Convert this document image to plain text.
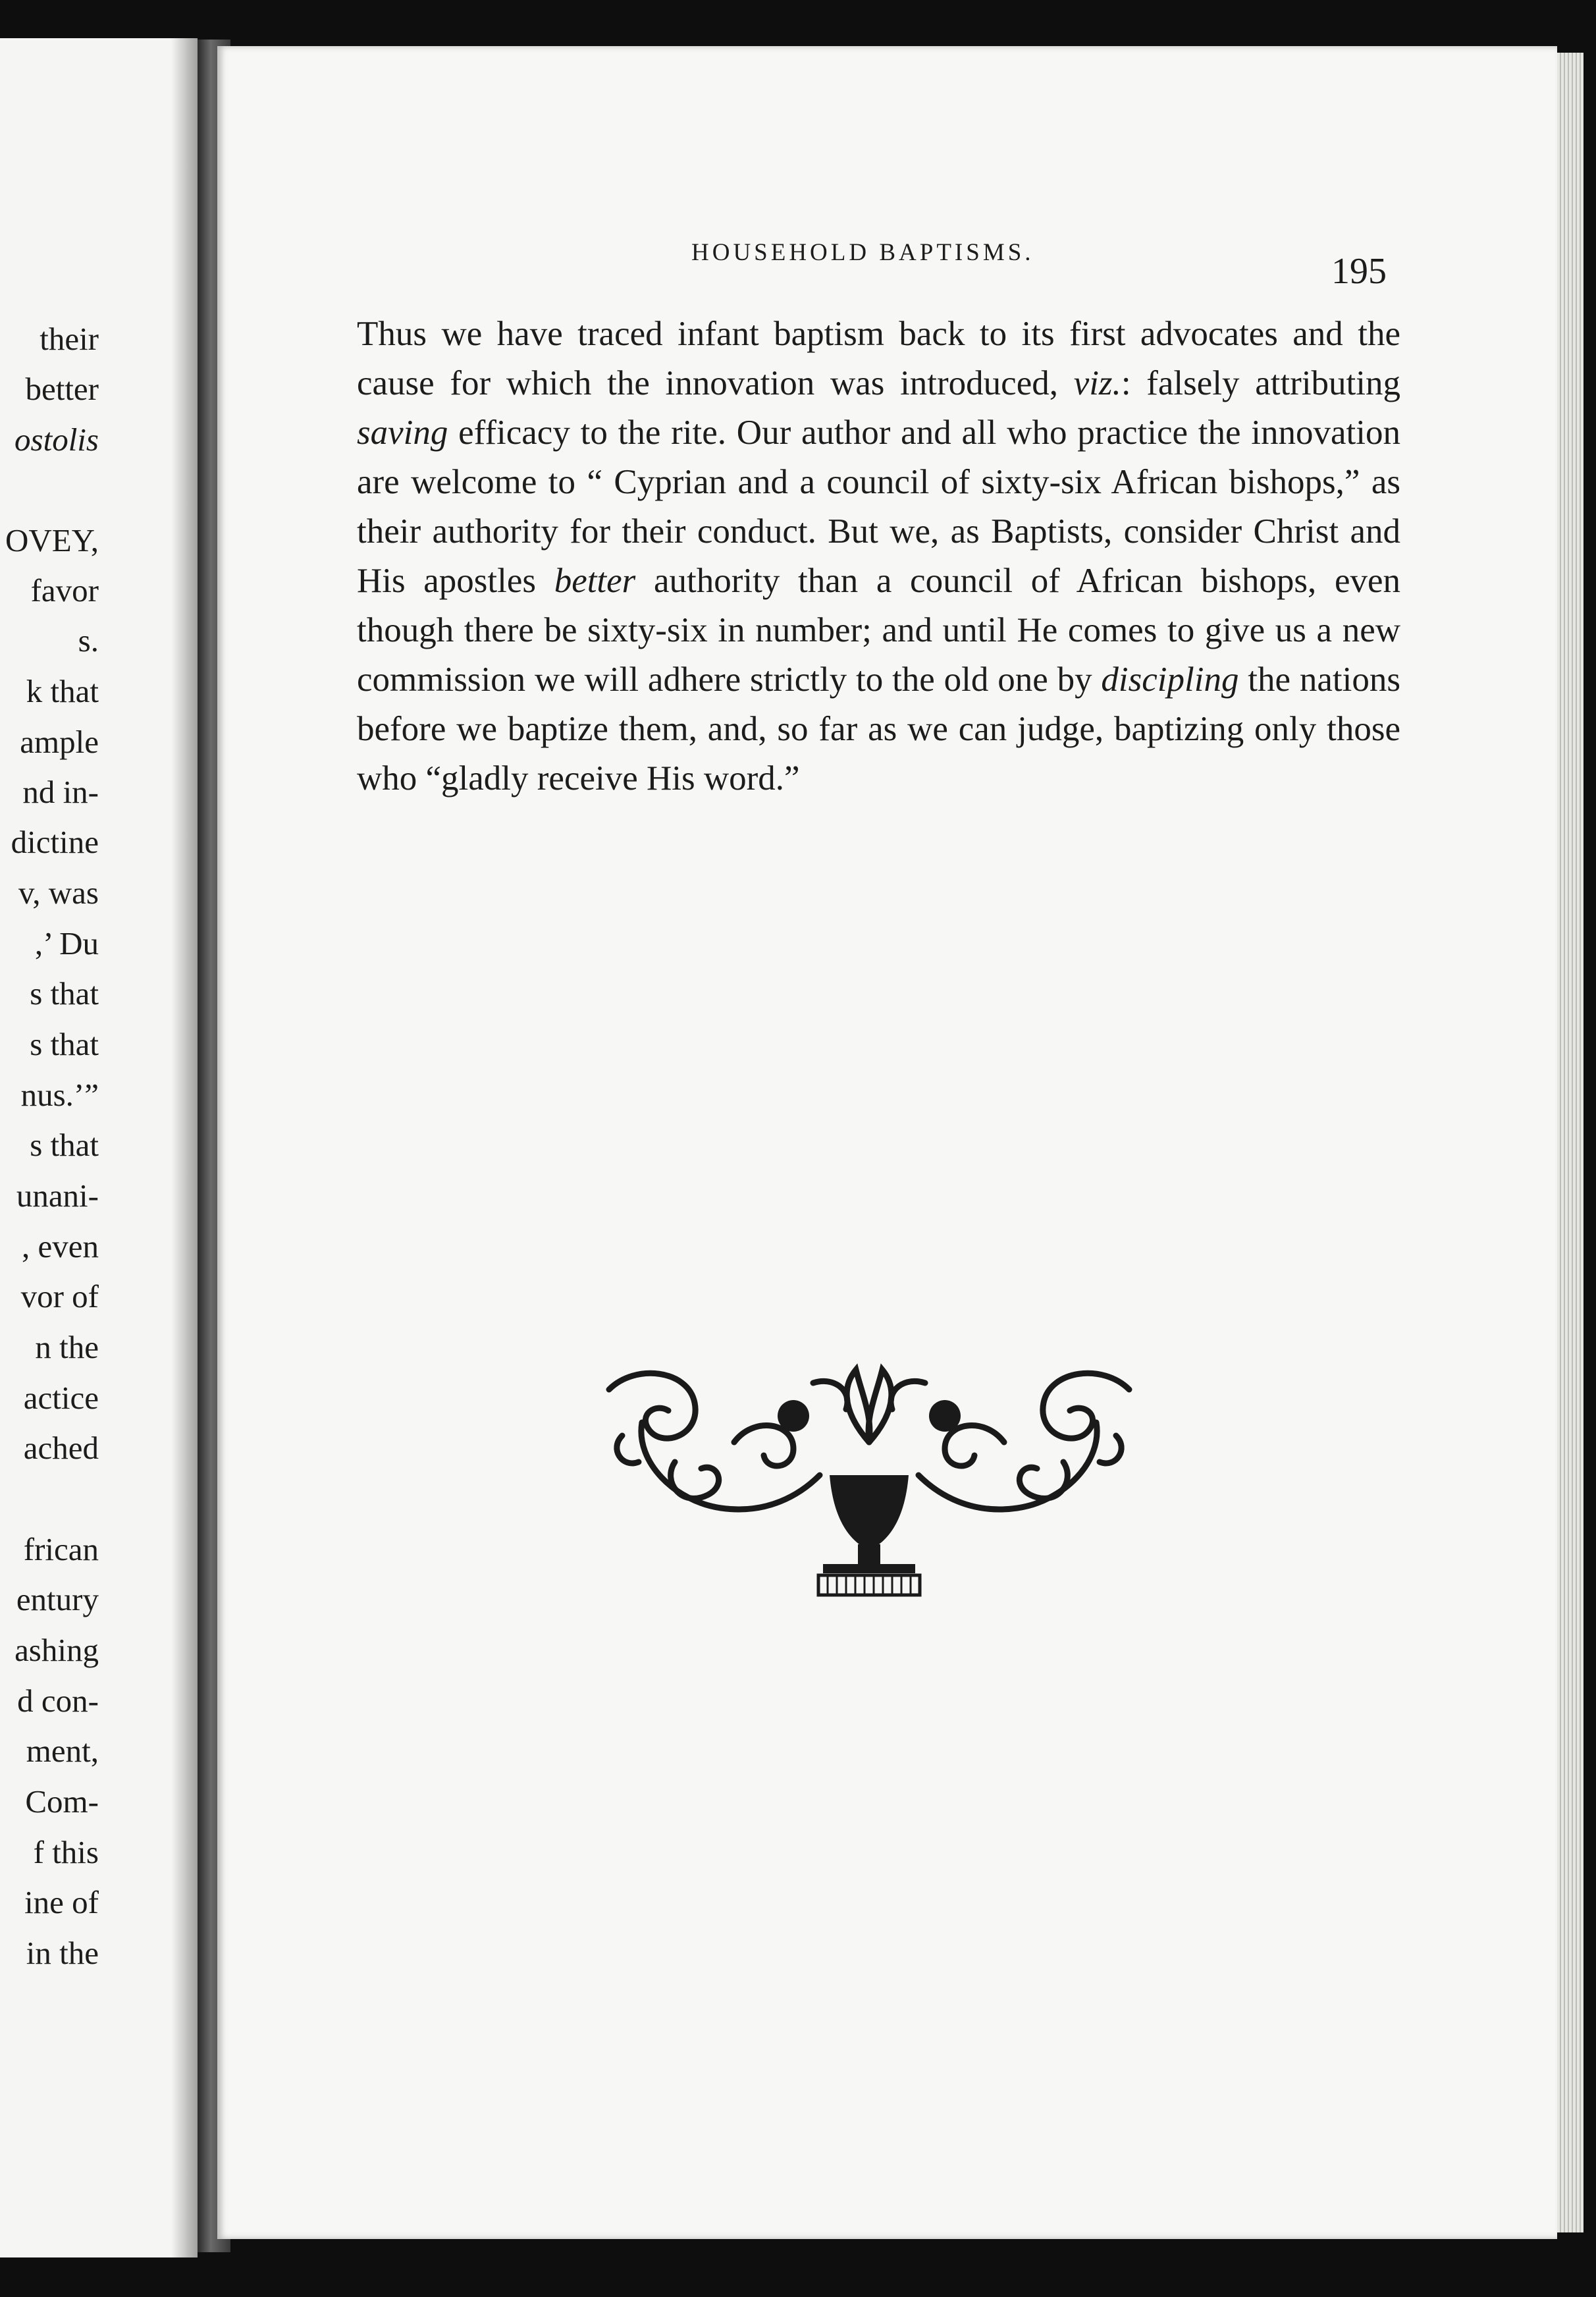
their
better
ostolis
OVEY,
favor
s.
k that
ample
nd in-
dictine
v, was
,’ Du
s that
s that
nus.’”
s that
unani-
, even
vor of
n the
actice
ached
frican
entury
ashing
d con-
ment,
Com-
f this
ine of
in the
HOUSEHOLD BAPTISMS.	195

Thus we have traced infant baptism back to its first advocates and the cause for which the innovation was introduced, viz.: falsely attributing saving efficacy to the rite. Our author and all who practice the innovation are welcome to “ Cyprian and a council of sixty-six African bishops,” as their authority for their conduct. But we, as Baptists, consider Christ and His apostles better authority than a council of African bishops, even though there be sixty-six in number; and until He comes to give us a new commission we will adhere strictly to the old one by discipling the nations before we baptize them, and, so far as we can judge, baptizing only those who “gladly receive His word.”
